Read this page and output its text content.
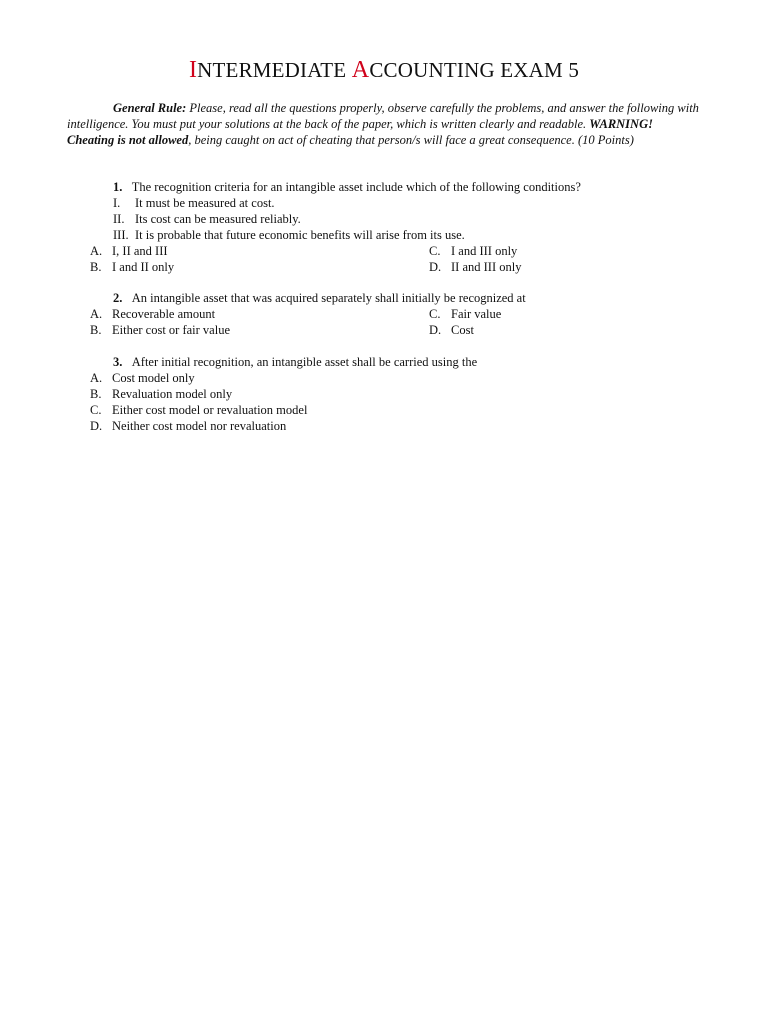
INTERMEDIATE ACCOUNTING EXAM 5
General Rule: Please, read all the questions properly, observe carefully the problems, and answer the following with intelligence. You must put your solutions at the back of the paper, which is written clearly and readable. WARNING! Cheating is not allowed, being caught on act of cheating that person/s will face a great consequence. (10 Points)
1. The recognition criteria for an intangible asset include which of the following conditions?
I. It must be measured at cost.
II. Its cost can be measured reliably.
III. It is probable that future economic benefits will arise from its use.
A. I, II and III	C. I and III only
B. I and II only	D. II and III only
2. An intangible asset that was acquired separately shall initially be recognized at
A. Recoverable amount	C. Fair value
B. Either cost or fair value	D. Cost
3. After initial recognition, an intangible asset shall be carried using the
A. Cost model only
B. Revaluation model only
C. Either cost model or revaluation model
D. Neither cost model nor revaluation
